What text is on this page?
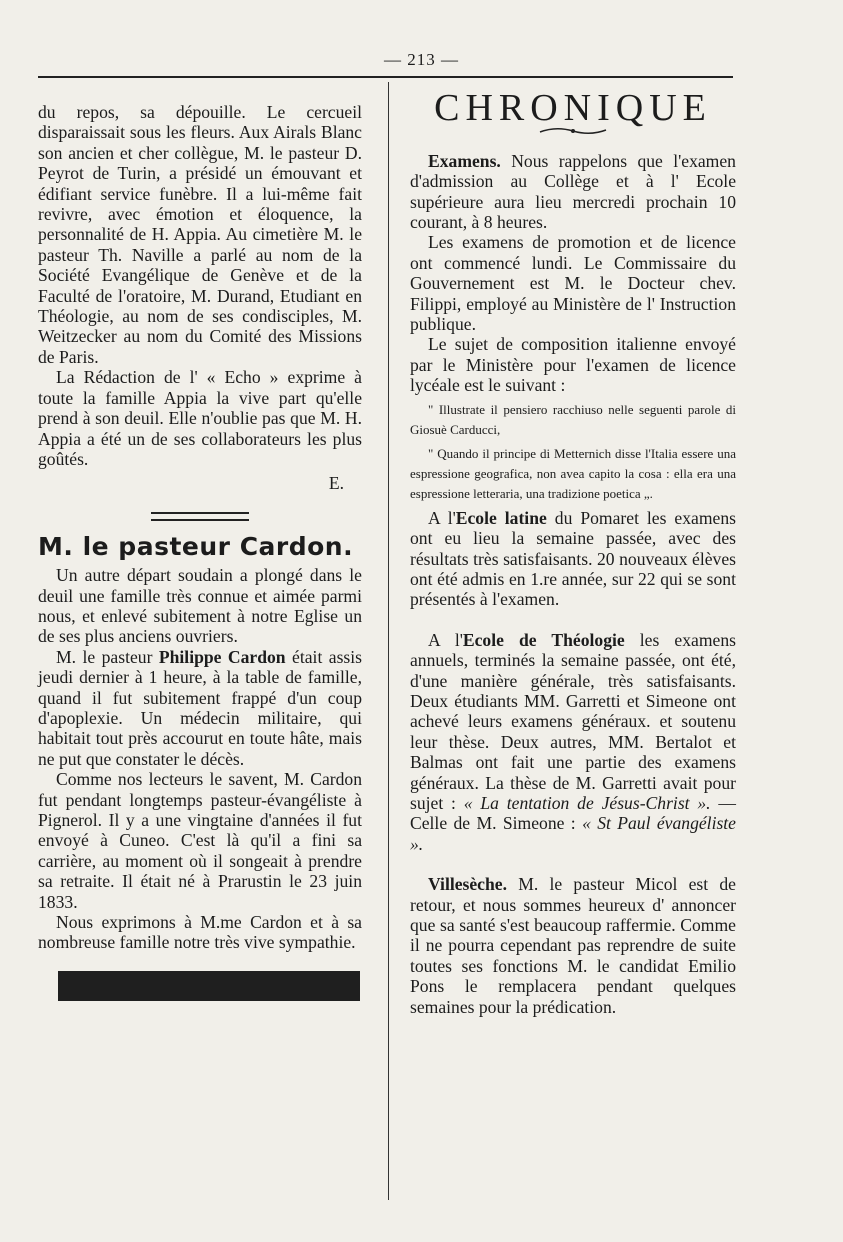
— 213 —

du repos, sa dépouille. Le cercueil disparaissait sous les fleurs. Aux Airals Blanc son ancien et cher collègue, M. le pasteur D. Peyrot de Turin, a présidé un émouvant et édifiant service funèbre. Il a lui-même fait revivre, avec émotion et éloquence, la personnalité de H. Appia. Au cimetière M. le pasteur Th. Naville a parlé au nom de la Société Evangélique de Genève et de la Faculté de l'oratoire, M. Durand, Etudiant en Théologie, au nom de ses condisciples, M. Weitzecker au nom du Comité des Missions de Paris.

La Rédaction de l' « Echo » exprime à toute la famille Appia la vive part qu'elle prend à son deuil. Elle n'oublie pas que M. H. Appia a été un de ses collaborateurs les plus goûtés.

E.

M. le pasteur Cardon.

Un autre départ soudain a plongé dans le deuil une famille très connue et aimée parmi nous, et enlevé subitement à notre Eglise un de ses plus anciens ouvriers.

M. le pasteur Philippe Cardon était assis jeudi dernier à 1 heure, à la table de famille, quand il fut subitement frappé d'un coup d'apoplexie. Un médecin militaire, qui habitait tout près accourut en toute hâte, mais ne put que constater le décès.

Comme nos lecteurs le savent, M. Cardon fut pendant longtemps pasteur-évangéliste à Pignerol. Il y a une vingtaine d'années il fut envoyé à Cuneo. C'est là qu'il a fini sa carrière, au moment où il songeait à prendre sa retraite. Il était né à Prarustin le 23 juin 1833.

Nous exprimons à M.me Cardon et à sa nombreuse famille notre très vive sympathie.

CHRONIQUE

Examens. Nous rappelons que l'examen d'admission au Collège et à l' Ecole supérieure aura lieu mercredi prochain 10 courant, à 8 heures.

Les examens de promotion et de licence ont commencé lundi. Le Commissaire du Gouvernement est M. le Docteur chev. Filippi, employé au Ministère de l' Instruction publique.

Le sujet de composition italienne envoyé par le Ministère pour l'examen de licence lycéale est le suivant :

" Illustrate il pensiero racchiuso nelle seguenti parole di Giosuè Carducci,

" Quando il principe di Metternich disse l'Italia essere una espressione geografica, non avea capito la cosa : ella era una espressione letteraria, una tradizione poetica „.

A l'Ecole latine du Pomaret les examens ont eu lieu la semaine passée, avec des résultats très satisfaisants. 20 nouveaux élèves ont été admis en 1.re année, sur 22 qui se sont présentés à l'examen.

A l'Ecole de Théologie les examens annuels, terminés la semaine passée, ont été, d'une manière générale, très satisfaisants. Deux étudiants MM. Garretti et Simeone ont achevé leurs examens généraux. et soutenu leur thèse. Deux autres, MM. Bertalot et Balmas ont fait une partie des examens généraux. La thèse de M. Garretti avait pour sujet : « La tentation de Jésus-Christ ». — Celle de M. Simeone : « St Paul évangéliste ».

Villesèche. M. le pasteur Micol est de retour, et nous sommes heureux d' annoncer que sa santé s'est beaucoup raffermie. Comme il ne pourra cependant pas reprendre de suite toutes ses fonctions M. le candidat Emilio Pons le remplacera pendant quelques semaines pour la prédication.
